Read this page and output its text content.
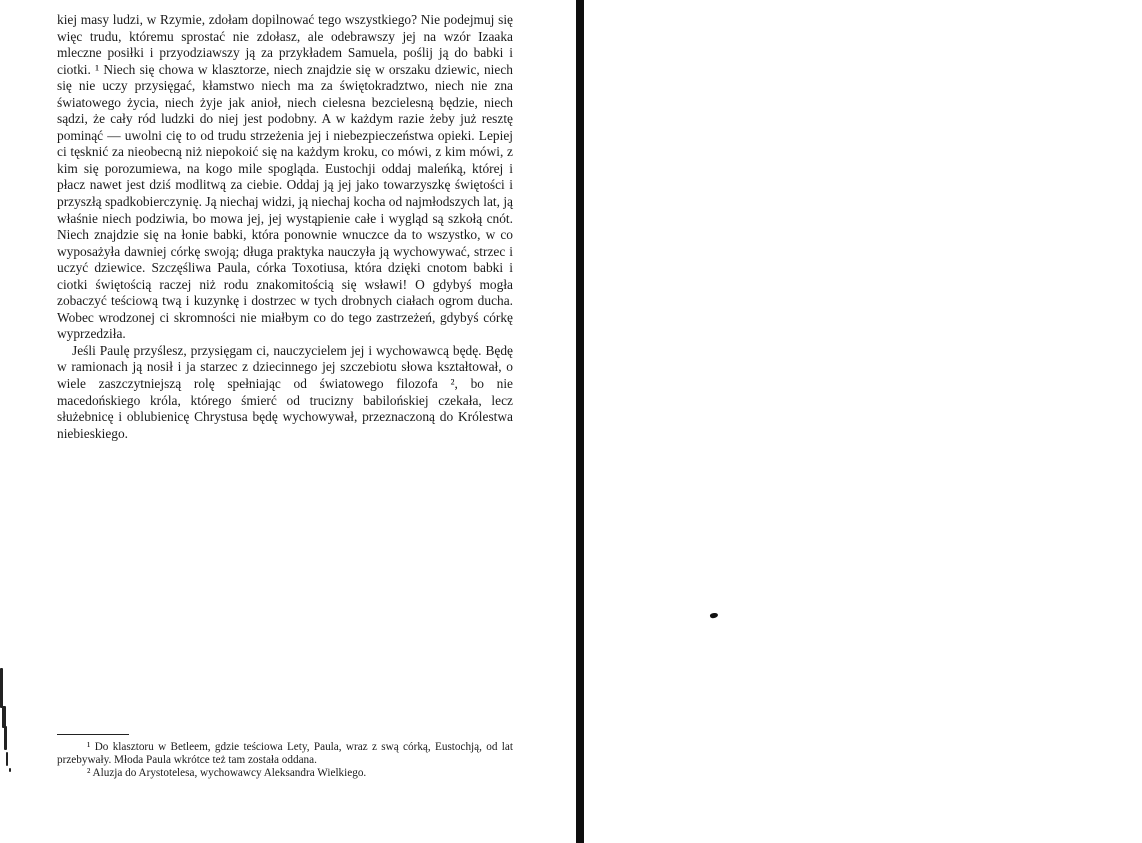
kiej masy ludzi, w Rzymie, zdołam dopilnować tego wszystkiego? Nie podejmuj się więc trudu, któremu sprostać nie zdołasz, ale odebrawszy jej na wzór Izaaka mleczne posiłki i przyodziawszy ją za przykładem Samuela, poślij ją do babki i ciotki. ¹ Niech się chowa w klasztorze, niech znajdzie się w orszaku dziewic, niech się nie uczy przysięgać, kłamstwo niech ma za świętokradztwo, niech nie zna światowego życia, niech żyje jak anioł, niech cielesna bezcielesną będzie, niech sądzi, że cały ród ludzki do niej jest podobny. A w każdym razie żeby już resztę pominąć — uwolni cię to od trudu strzeżenia jej i niebezpieczeństwa opieki. Lepiej ci tęsknić za nieobecną niż niepokoić się na każdym kroku, co mówi, z kim mówi, z kim się porozumiewa, na kogo mile spogląda. Eustochji oddaj maleńką, której i płacz nawet jest dziś modlitwą za ciebie. Oddaj ją jej jako towarzyszkę świętości i przyszłą spadkobierczynię. Ją niechaj widzi, ją niechaj kocha od najmłodszych lat, ją właśnie niech podziwia, bo mowa jej, jej wystąpienie całe i wygląd są szkołą cnót. Niech znajdzie się na łonie babki, która ponownie wnuczce da to wszystko, w co wyposażyła dawniej córkę swoją; długa praktyka nauczyła ją wychowywać, strzec i uczyć dziewice. Szczęśliwa Paula, córka Toxotiusa, która dzięki cnotom babki i ciotki świętością raczej niż rodu znakomitością się wsławi! O gdybyś mogła zobaczyć teściową twą i kuzynkę i dostrzec w tych drobnych ciałach ogrom ducha. Wobec wrodzonej ci skromności nie miałbym co do tego zastrzeżeń, gdybyś córkę wyprzedziła.

Jeśli Paulę przyślesz, przysięgam ci, nauczycielem jej i wychowawcą będę. Będę w ramionach ją nosił i ja starzec z dziecinnego jej szczebiotu słowa kształtował, o wiele zaszczytniejszą rolę spełniając od światowego filozofa ², bo nie macedońskiego króla, którego śmierć od trucizny babilońskiej czekała, lecz służebnicę i oblubienicę Chrystusa będę wychowywał, przeznaczoną do Królestwa niebieskiego.

¹ Do klasztoru w Betleem, gdzie teściowa Lety, Paula, wraz z swą córką, Eustochją, od lat przebywały. Młoda Paula wkrótce też tam została oddana.

² Aluzja do Arystotelesa, wychowawcy Aleksandra Wielkiego.
